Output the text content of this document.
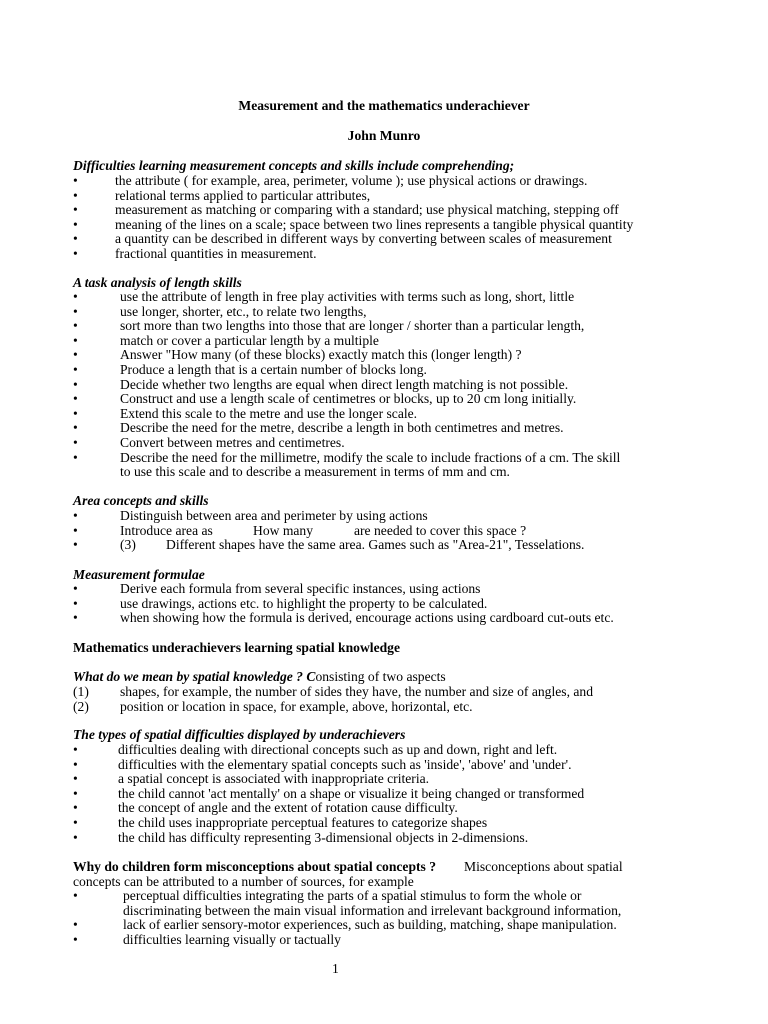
Measurement and the mathematics underachiever
John Munro
Difficulties learning measurement concepts and skills include comprehending;
•	the attribute ( for example, area, perimeter, volume ); use physical actions or drawings.
•	relational terms applied to particular attributes,
•	measurement as matching or comparing with a standard; use physical matching, stepping off
•	meaning of the lines on a scale; space between two lines represents a tangible physical quantity
•	a quantity can be described in different ways by converting between scales of measurement
•	fractional quantities in measurement.
A task analysis of length skills
•	use the attribute of length in free play activities with terms such as long, short, little
•	use longer, shorter, etc., to relate two lengths,
•	sort more than two lengths into those that are longer / shorter than a particular length,
•	match or cover a particular length by a multiple
•	Answer "How many (of these blocks) exactly match this (longer length) ?
•	Produce a length that is a certain number of blocks long.
•	Decide whether two lengths are equal when direct length matching is not possible.
•	Construct and use a length scale of centimetres or blocks, up to 20 cm long initially.
•	Extend this scale to the metre and use the longer scale.
•	Describe the need for the metre, describe a length in both centimetres and metres.
•	Convert between metres and centimetres.
•	Describe the need for the millimetre, modify the scale to include fractions of a cm. The skill
to use this scale and to describe a measurement in terms of mm and cm.
Area concepts and skills
•	Distinguish between area and perimeter by using actions
•	Introduce area as	How many	are needed to cover this space ?
•	(3) Different shapes have the same area. Games such as "Area-21", Tesselations.
Measurement formulae
•	Derive each formula from several specific instances, using actions
•	use drawings, actions etc. to highlight the property to be calculated.
•	when showing how the formula is derived, encourage actions using cardboard cut-outs etc.
Mathematics underachievers learning spatial knowledge
What do we mean by spatial knowledge ? Consisting of two aspects
(1) shapes, for example, the number of sides they have, the number and size of angles, and
(2) position or location in space, for example, above, horizontal, etc.
The types of spatial difficulties displayed by underachievers
•	difficulties dealing with directional concepts such as up and down, right and left.
•	difficulties with the elementary spatial concepts such as 'inside', 'above' and 'under'.
•	a spatial concept is associated with inappropriate criteria.
•	the child cannot 'act mentally' on a shape or visualize it being changed or transformed
•	the concept of angle and the extent of rotation cause difficulty.
•	the child uses inappropriate perceptual features to categorize shapes
•	the child has difficulty representing 3-dimensional objects in 2-dimensions.
Why do children form misconceptions about spatial concepts ? Misconceptions about spatial
concepts can be attributed to a number of sources, for example
•	perceptual difficulties integrating the parts of a spatial stimulus to form the whole or
discriminating between the main visual information and irrelevant background information,
•	lack of earlier sensory-motor experiences, such as building, matching, shape manipulation.
•	difficulties learning visually or tactually
1
